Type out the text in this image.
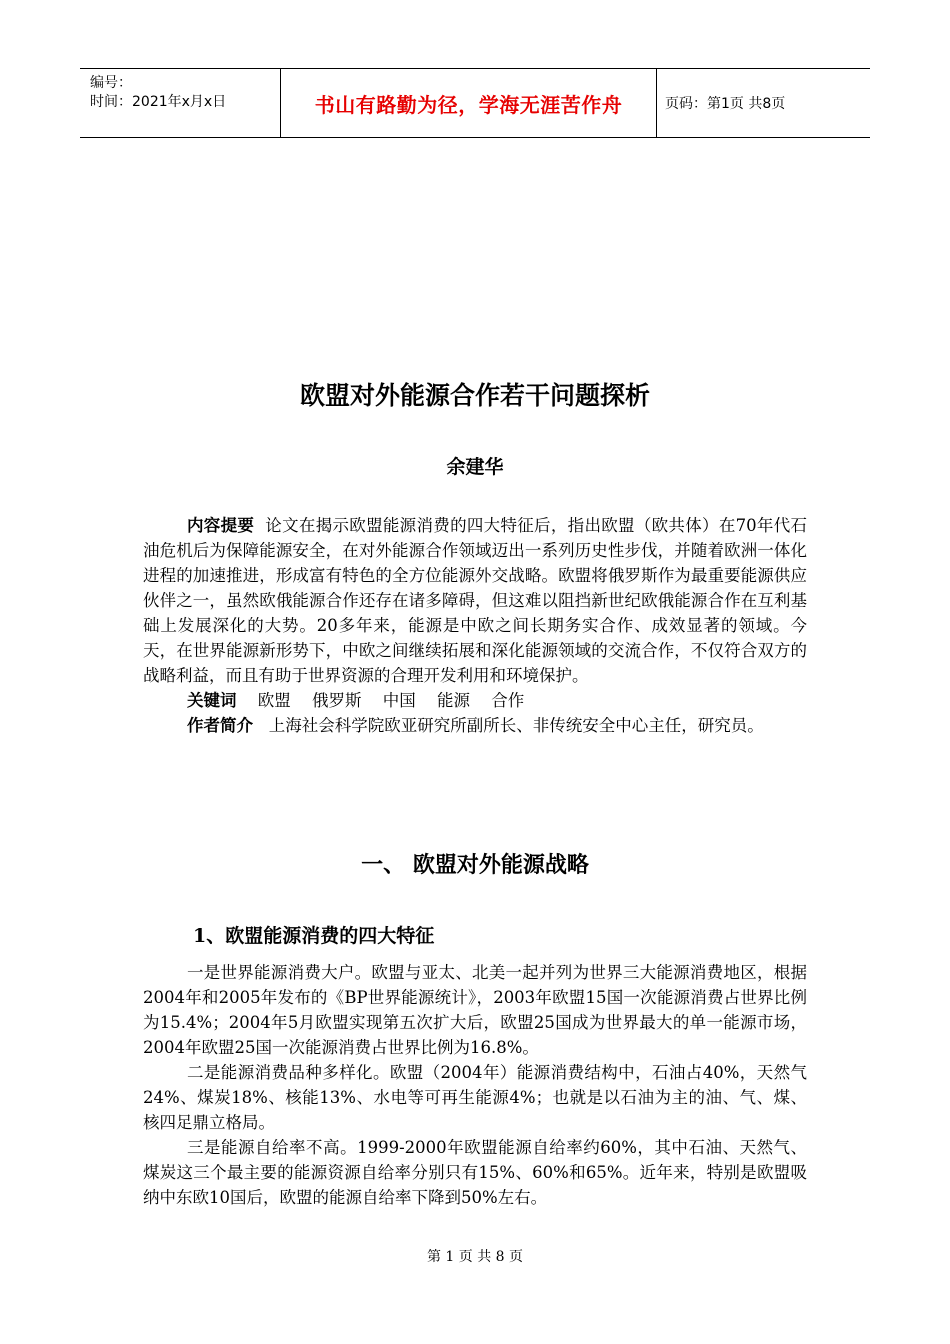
编号：
时间：2021年x月x日	书山有路勤为径，学海无涯苦作舟	页码：第1页 共8页
欧盟对外能源合作若干问题探析
余建华
内容提要 论文在揭示欧盟能源消费的四大特征后，指出欧盟（欧共体）在70年代石油危机后为保障能源安全，在对外能源合作领域迈出一系列历史性步伐，并随着欧洲一体化进程的加速推进，形成富有特色的全方位能源外交战略。欧盟将俄罗斯作为最重要能源供应伙伴之一，虽然欧俄能源合作还存在诸多障碍，但这难以阻挡新世纪欧俄能源合作在互利基础上发展深化的大势。20多年来，能源是中欧之间长期务实合作、成效显著的领域。今天，在世界能源新形势下，中欧之间继续拓展和深化能源领域的交流合作，不仅符合双方的战略利益，而且有助于世界资源的合理开发利用和环境保护。
关键词 欧盟 俄罗斯 中国 能源 合作
作者简介 上海社会科学院欧亚研究所副所长、非传统安全中心主任，研究员。
一、 欧盟对外能源战略
1、欧盟能源消费的四大特征

一是世界能源消费大户。欧盟与亚太、北美一起并列为世界三大能源消费地区，根据2004年和2005年发布的《BP世界能源统计》，2003年欧盟15国一次能源消费占世界比例为15.4%；2004年5月欧盟实现第五次扩大后，欧盟25国成为世界最大的单一能源市场，2004年欧盟25国一次能源消费占世界比例为16.8%。

二是能源消费品种多样化。欧盟（2004年）能源消费结构中，石油占40%，天然气24%、煤炭18%、核能13%、水电等可再生能源4%；也就是以石油为主的油、气、煤、核四足鼎立格局。

三是能源自给率不高。1999-2000年欧盟能源自给率约60%，其中石油、天然气、煤炭这三个最主要的能源资源自给率分别只有15%、60%和65%。近年来，特别是欧盟吸纳中东欧10国后，欧盟的能源自给率下降到50%左右。

第 1 页 共 8 页
